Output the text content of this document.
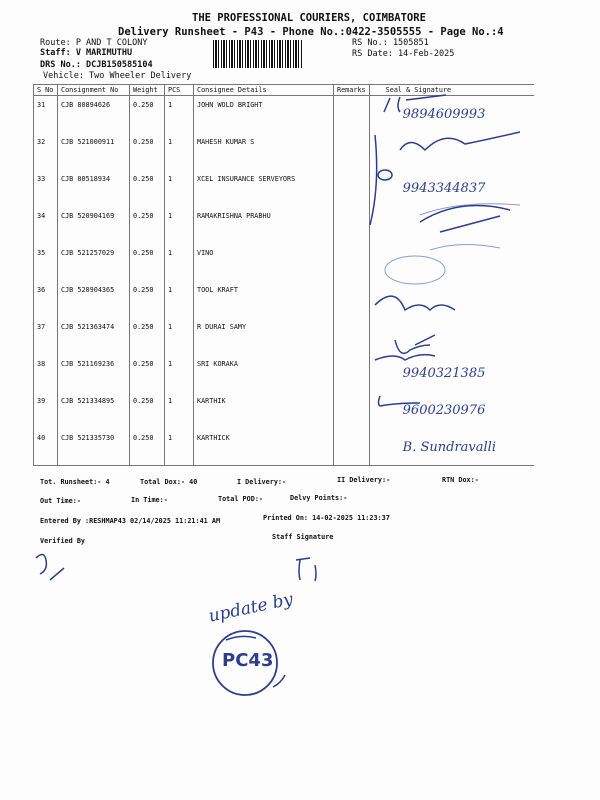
THE PROFESSIONAL COURIERS, COIMBATORE
Delivery Runsheet - P43 - Phone No.:0422-3505555 - Page No.:4
Route: P AND T COLONY
Staff: V MARIMUTHU
DRS No.: DCJB150585104
Vehicle: Two Wheeler Delivery
RS No.: 1505851
RS Date: 14-Feb-2025
S No	Consignment No	Weight	PCS	Consignee Details	Remarks	Seal & Signature
31	CJB 80894626	0.250	1	JOHN WOLD BRIGHT		9894609993
32	CJB 521000911	0.250	1	MAHESH KUMAR S		
33	CJB 80518934	0.250	1	XCEL INSURANCE SERVEYORS		9943344837
34	CJB 520904169	0.250	1	RAMAKRISHNA PRABHU		
35	CJB 521257029	0.250	1	VINO		
36	CJB 520904365	0.250	1	TOOL KRAFT		
37	CJB 521363474	0.250	1	R DURAI SAMY		
38	CJB 521169236	0.250	1	SRI KORAKA		9940321385
39	CJB 521334895	0.250	1	KARTHIK		9600230976
40	CJB 521335730	0.250	1	KARTHICK		B. Sundravalli
Tot. Runsheet:- 4	Total Dox:- 40	I Delivery:-	II Delivery:-	RTN Dox:-
Out Time:-	In Time:-	Total POD:-	Delvy Points:-
Entered By :RESHMAP43 02/14/2025 11:21:41 AM	Printed On: 14-02-2025 11:23:37
Verified By	Staff Signature
update by
PC43
